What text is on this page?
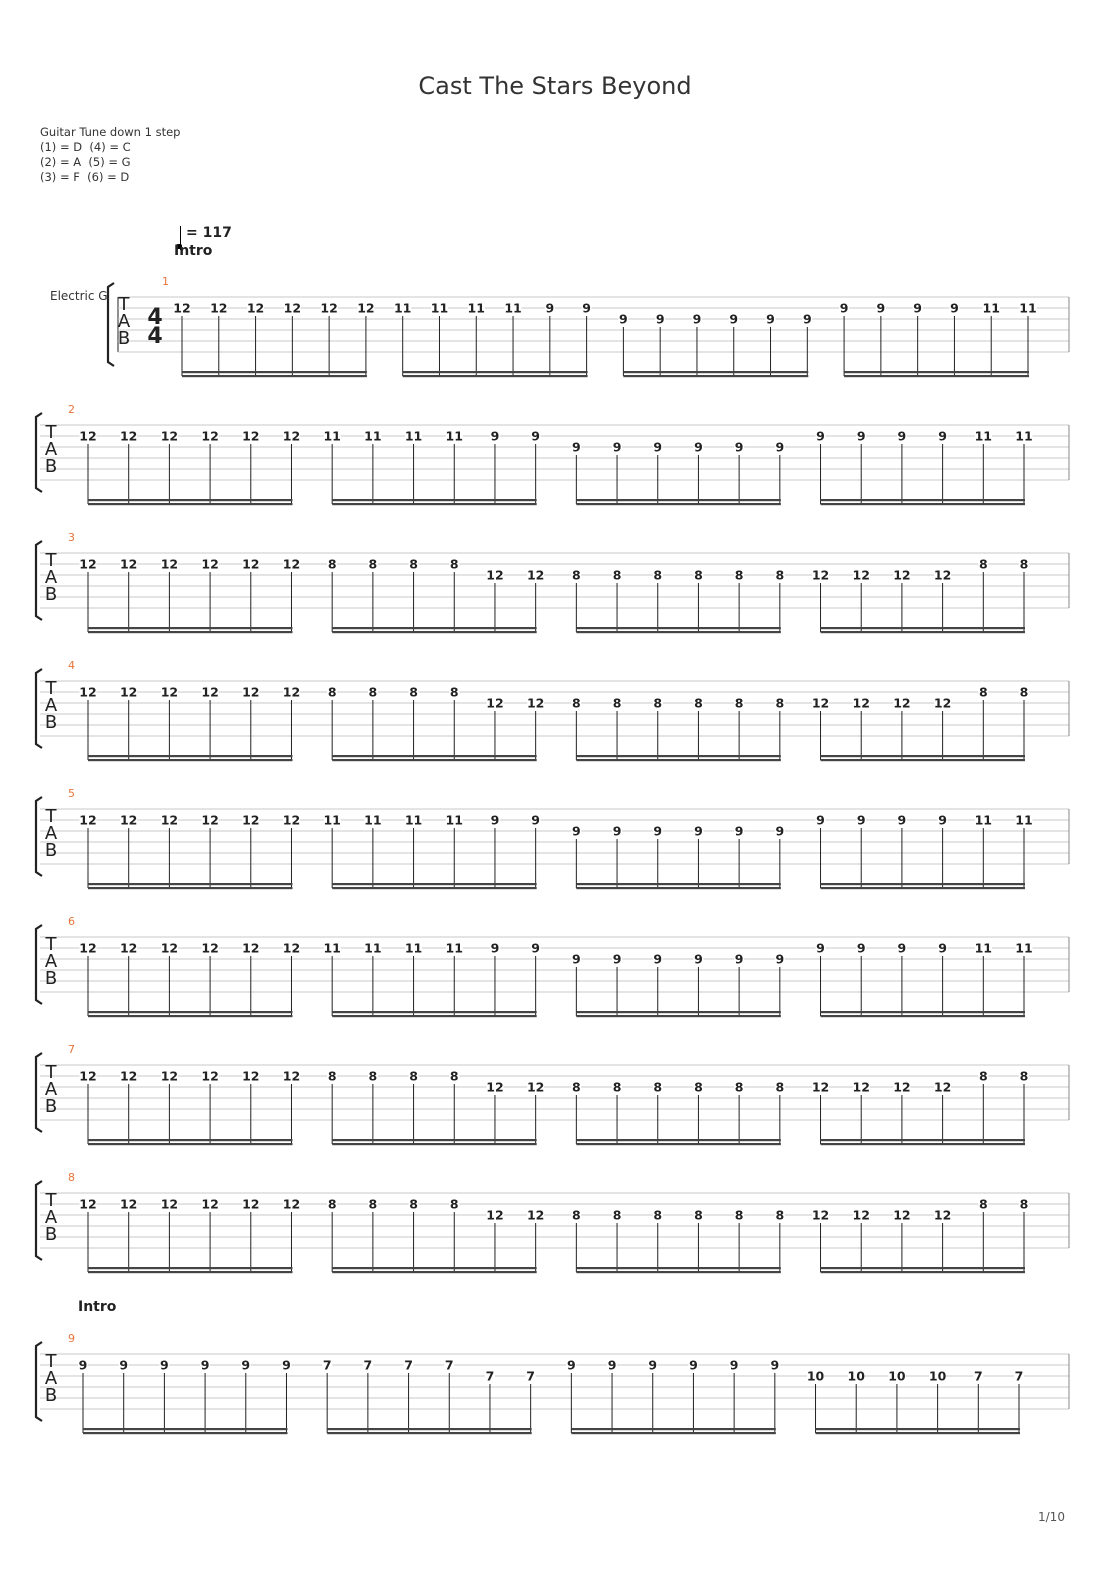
Cast The Stars Beyond
Guitar Tune down 1 step
(1) = D  (4) = C
(2) = A  (5) = G
(3) = F  (6) = D
= 117
Intro
Intro
T
A
B
4
4
Electric G
1
12 12 12 12 12 12 11 11 11 11 9 9
9 9 9 9 9 9
9 9 9 9 11 11
T
A
B
2
12 12 12 12 12 12 11 11 11 11 9	9
9	9	9	9	9	9
9	9	9	9 11 11
T
A
B
3
12 12 12 12 12 12 8	8	8	8
12 12 8	8	8	8	8	8 12 12 12 12
8	8
T
A
B
4
12 12 12 12 12 12 8	8	8	8
12 12 8	8	8	8	8	8 12 12 12 12
8	8
T
A
B
5
12 12 12 12 12 12 11 11 11 11 9	9
9	9	9	9	9	9
9	9	9	9 11 11
T
A
B
6
12 12 12 12 12 12 11 11 11 11 9	9
9	9	9	9	9	9
9	9	9	9 11 11
T
A
B
7
12 12 12 12 12 12 8	8	8	8
12 12 8	8	8	8	8	8 12 12 12 12
8	8
T
A
B
8
12 12 12 12 12 12 8	8	8	8
12 12 8	8	8	8	8	8 12 12 12 12
8	8
T
A
B
9
9	9	9	9	9	9	7	7	7	7
7	7
9	9	9	9	9	9
10 10 10 10 7	7
1/10
